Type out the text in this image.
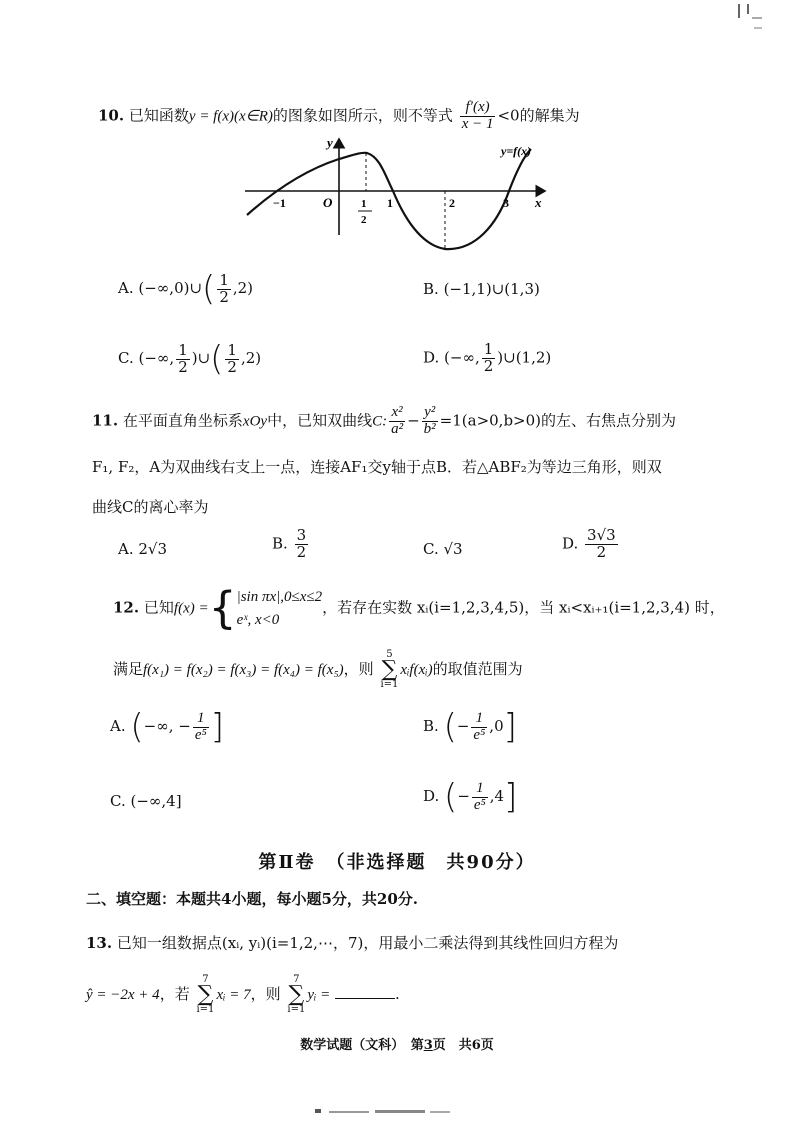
10. 已知函数y = f(x)(x∈R)的图象如图所示，则不等式 $\frac{f'(x)}{x - 1} <0$的解集为
y
x
O
y=f(x)
−1	1	2	3
1
2
A. (−∞,0)∪( $\frac{1}{2} ,2$)	B. (−1,1)∪(1,3)
C. (−∞, $\frac{1}{2}$ )∪( $\frac{1}{2} ,2$)	D. (−∞, $\frac{1}{2}$ )∪(1,2)
11. 在平面直角坐标系xOy中，已知双曲线C: $\frac{\text{x²}}{\text{a²}} - \frac{\text{y²}}{\text{b²}} =1(a>0,b>0)$的左、右焦点分别为
F₁, F₂，A为双曲线右支上一点，连接AF₁交y轴于点B．若△ABF₂为等边三角形，则双
曲线C的离心率为
A. 2√3	B. $\frac{3}{2}$	C. √3	D. $\frac{3√3}{2}$
12. 已知f(x) ={ |sin πx|,0≤x≤2
eˣ, x<0
，若存在实数 xᵢ(i=1,2,3,4,5)，当 xᵢ<xᵢ₊₁(i=1,2,3,4) 时，
满足f(x₁) = f(x₂) = f(x₃) = f(x₄) = f(x₅)，则
5
∑
i=1
xᵢf(xᵢ)的取值范围为
A. (−∞, − $\frac{1}{\text{e⁵}}$ ]	B. (− $\frac{1}{\text{e⁵}} ,0$]
C. (−∞,4]	D. (− $\frac{1}{\text{e⁵}} ,4$]
第Ⅱ卷　（非选择题　共90分）
二、填空题：本题共4小题，每小题5分，共20分.
13. 已知一组数据点(xᵢ, yᵢ)(i=1,2,⋯，7)，用最小二乘法得到其线性回归方程为
ŷ = −2x + 4，若
7
∑
i=1
xᵢ = 7，则
7
∑
i=1
yᵢ =	.
数学试题（文科）　第3页　共6页
